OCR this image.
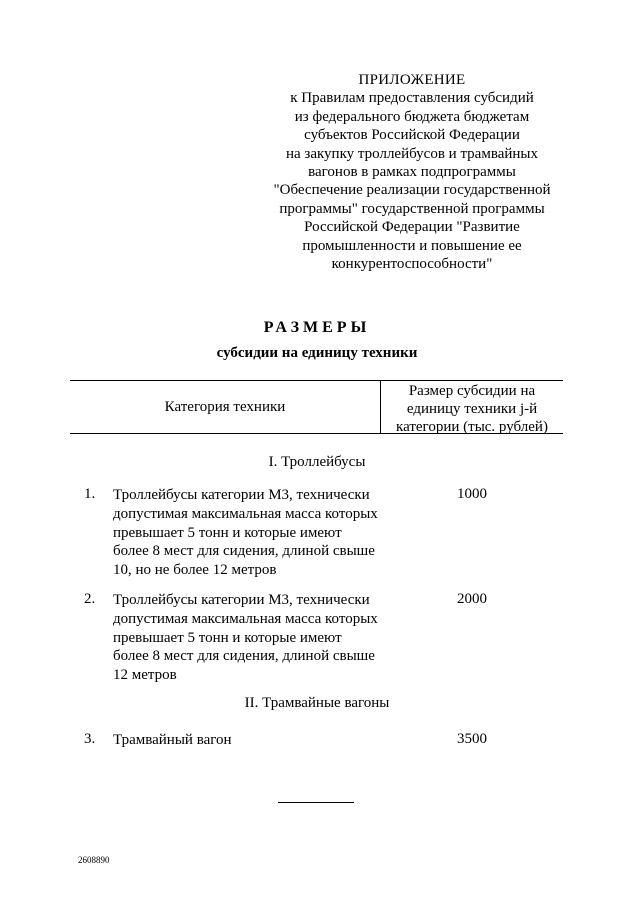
ПРИЛОЖЕНИЕ
к Правилам предоставления субсидий
из федерального бюджета бюджетам
субъектов Российской Федерации
на закупку троллейбусов и трамвайных
вагонов в рамках подпрограммы
"Обеспечение реализации государственной
программы" государственной программы
Российской Федерации "Развитие
промышленности и повышение ее
конкурентоспособности"
РАЗМЕРЫ
субсидии на единицу техники
Категория техники
Размер субсидии на
единицу техники j-й
категории (тыс. рублей)
I. Троллейбусы
1. Троллейбусы категории М3, технически
допустимая максимальная масса которых
превышает 5 тонн и которые имеют
более 8 мест для сидения, длиной свыше
10, но не более 12 метров
1000
2. Троллейбусы категории М3, технически
допустимая максимальная масса которых
превышает 5 тонн и которые имеют
более 8 мест для сидения, длиной свыше
12 метров
2000
II. Трамвайные вагоны
3. Трамвайный вагон	3500
2608890
